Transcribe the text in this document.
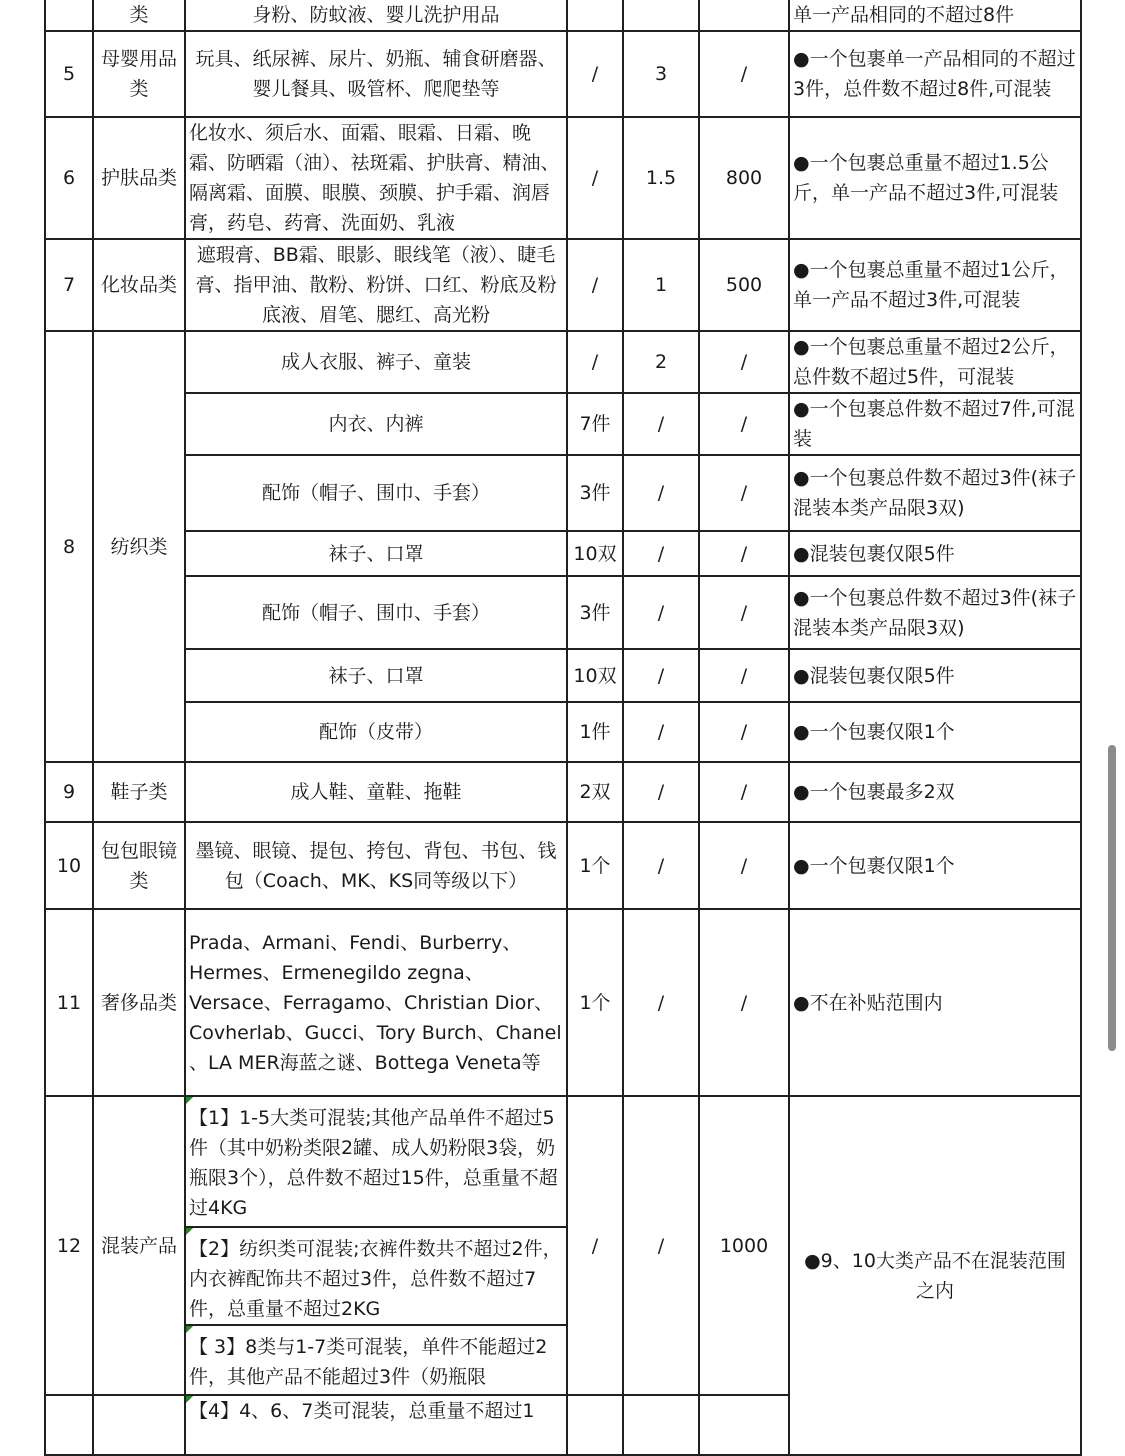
	类	身粉、防蚊液、婴儿洗护用品				单一产品相同的不超过8件
5	母婴用品类	玩具、纸尿裤、尿片、奶瓶、辅食研磨器、婴儿餐具、吸管杯、爬爬垫等	/	3	/	●一个包裹单一产品相同的不超过3件，总件数不超过8件,可混装
6	护肤品类	化妆水、须后水、面霜、眼霜、日霜、晚霜、防晒霜（油）、祛斑霜、护肤膏、精油、隔离霜、面膜、眼膜、颈膜、护手霜、润唇膏，药皂、药膏、洗面奶、乳液	/	1.5	800	●一个包裹总重量不超过1.5公斤，单一产品不超过3件,可混装
7	化妆品类	遮瑕膏、BB霜、眼影、眼线笔（液）、睫毛膏、指甲油、散粉、粉饼、口红、粉底及粉底液、眉笔、腮红、高光粉	/	1	500	●一个包裹总重量不超过1公斤，单一产品不超过3件,可混装
8	纺织类	成人衣服、裤子、童装	/	2	/	●一个包裹总重量不超过2公斤，总件数不超过5件，可混装
		内衣、内裤	7件	/	/	●一个包裹总件数不超过7件,可混装
		配饰（帽子、围巾、手套）	3件	/	/	●一个包裹总件数不超过3件(袜子混装本类产品限3双)
		袜子、口罩	10双	/	/	●混装包裹仅限5件
		配饰（帽子、围巾、手套）	3件	/	/	●一个包裹总件数不超过3件(袜子混装本类产品限3双)
		袜子、口罩	10双	/	/	●混装包裹仅限5件
		配饰（皮带）	1件	/	/	●一个包裹仅限1个
9	鞋子类	成人鞋、童鞋、拖鞋	2双	/	/	●一个包裹最多2双
10	包包眼镜类	墨镜、眼镜、提包、挎包、背包、书包、钱包（Coach、MK、KS同等级以下）	1个	/	/	●一个包裹仅限1个
11	奢侈品类	Prada、Armani、Fendi、Burberry、Hermes、Ermenegildo zegna、Versace、Ferragamo、Christian Dior、Covherlab、Gucci、Tory Burch、Chanel 、LA MER海蓝之谜、Bottega Veneta等	1个	/	/	●不在补贴范围内
12	混装产品	【1】1-5大类可混装;其他产品单件不超过5件（其中奶粉类限2罐、成人奶粉限3袋，奶瓶限3个），总件数不超过15件，总重量不超过4KG	/	/	1000	●9、10大类产品不在混装范围之内

【2】纺织类可混装;衣裤件数共不超过2件，内衣裤配饰共不超过3件，总件数不超过7件，总重量不超过2KG				

【 3】8类与1-7类可混装，单件不能超过2件，其他产品不能超过3件（奶瓶限				

【4】4、6、7类可混装，总重量不超过1				
